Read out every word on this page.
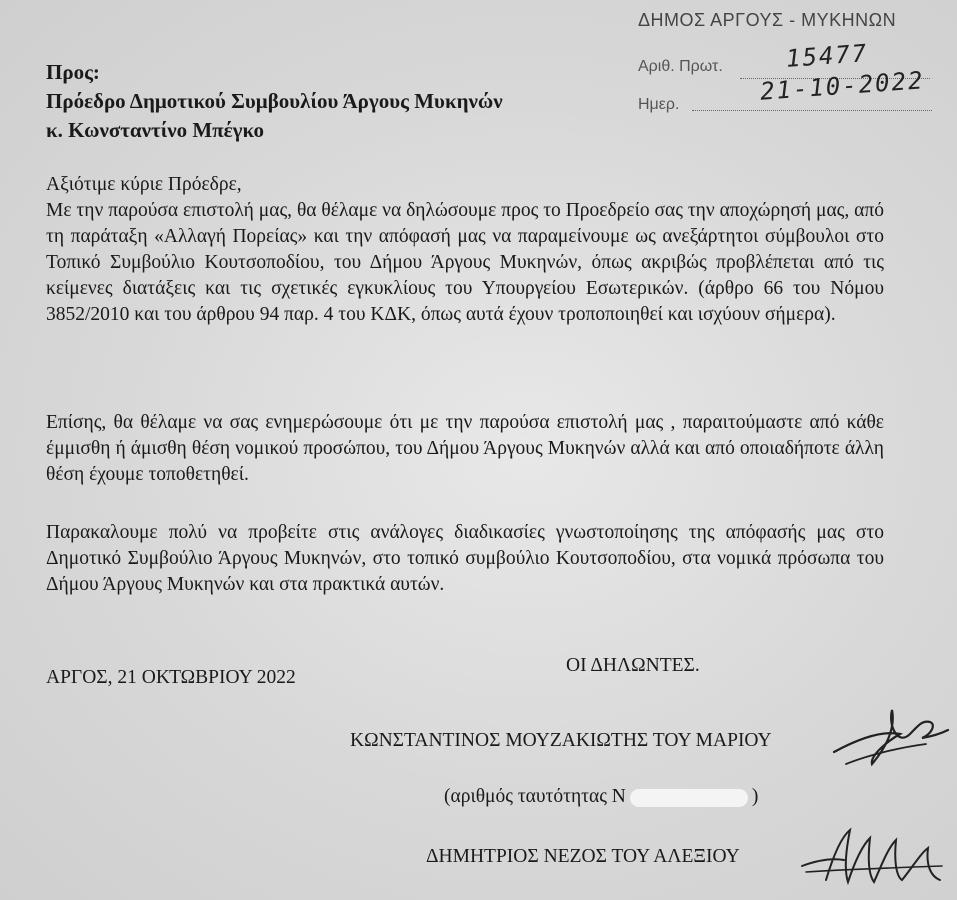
ΔΗΜΟΣ ΑΡΓΟΥΣ - ΜΥΚΗΝΩΝ
Αριθ. Πρωτ.	15477
Ημερ.	21-10-2022
Προς:
Πρόεδρο Δημοτικού Συμβουλίου Άργους Μυκηνών
κ. Κωνσταντίνο Μπέγκο
Αξιότιμε κύριε Πρόεδρε,
Με την παρούσα επιστολή μας, θα θέλαμε να δηλώσουμε προς το Προεδρείο σας την αποχώρησή μας, από τη παράταξη «Αλλαγή Πορείας» και την απόφασή μας να παραμείνουμε ως ανεξάρτητοι σύμβουλοι στο Τοπικό Συμβούλιο Κουτσοποδίου, του Δήμου Άργους Μυκηνών, όπως ακριβώς προβλέπεται από τις κείμενες διατάξεις και τις σχετικές εγκυκλίους του Υπουργείου Εσωτερικών. (άρθρο 66 του Νόμου 3852/2010 και του άρθρου 94 παρ. 4 του ΚΔΚ, όπως αυτά έχουν τροποποιηθεί και ισχύουν σήμερα).
Επίσης, θα θέλαμε να σας ενημερώσουμε ότι με την παρούσα επιστολή μας , παραιτούμαστε από κάθε έμμισθη ή άμισθη θέση νομικού προσώπου, του Δήμου Άργους Μυκηνών αλλά και από οποιαδήποτε άλλη θέση έχουμε τοποθετηθεί.
Παρακαλουμε πολύ να προβείτε στις ανάλογες διαδικασίες γνωστοποίησης της απόφασής μας στο Δημοτικό Συμβούλιο Άργους Μυκηνών, στο τοπικό συμβούλιο Κουτσοποδίου, στα νομικά πρόσωπα του Δήμου Άργους Μυκηνών και στα πρακτικά αυτών.
ΑΡΓΟΣ, 21 ΟΚΤΩΒΡΙΟΥ 2022
ΟΙ ΔΗΛΩΝΤΕΣ.
ΚΩΝΣΤΑΝΤΙΝΟΣ ΜΟΥΖΑΚΙΩΤΗΣ ΤΟΥ ΜΑΡΙΟΥ
(αριθμός ταυτότητας Ν	)
ΔΗΜΗΤΡΙΟΣ ΝΕΖΟΣ ΤΟΥ ΑΛΕΞΙΟΥ
